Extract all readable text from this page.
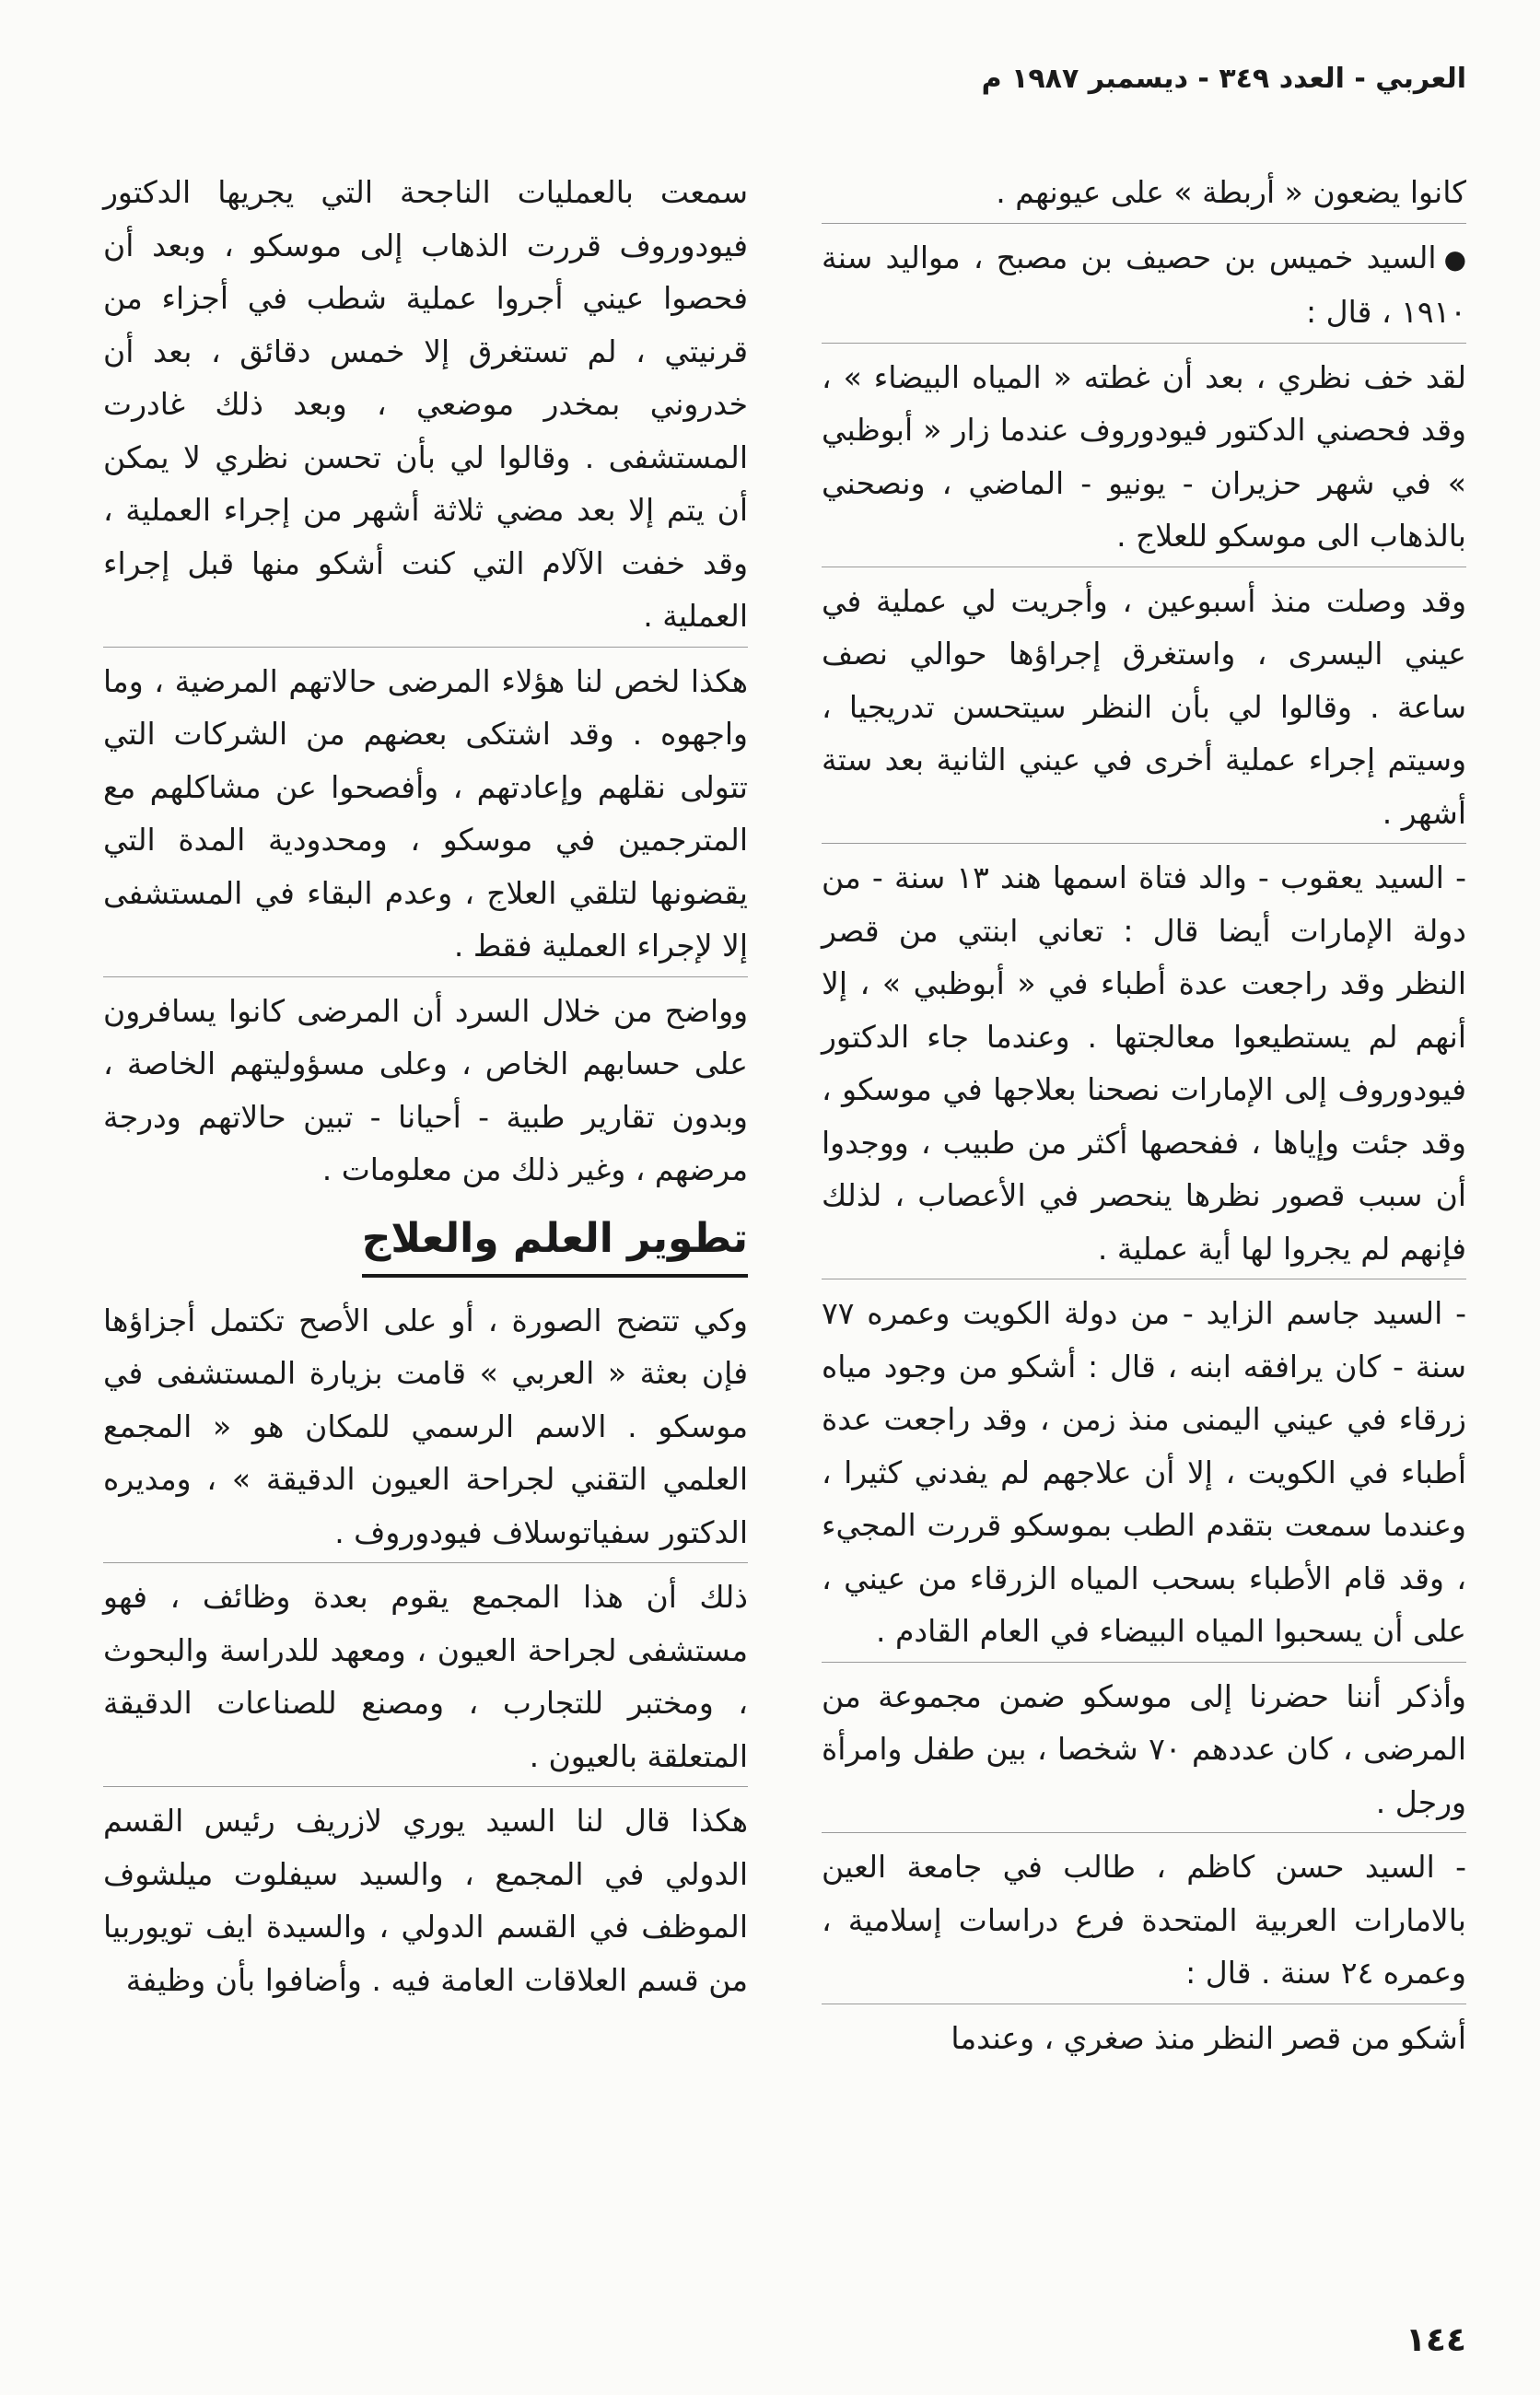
العربي - العدد ٣٤٩ - ديسمبر ١٩٨٧ م

كانوا يضعون « أربطة » على عيونهم .

●السيد خميس بن حصيف بن مصبح ، مواليد سنة ١٩١٠ ، قال :

لقد خف نظري ، بعد أن غطته « المياه البيضاء » ، وقد فحصني الدكتور فيودوروف عندما زار « أبوظبي » في شهر حزيران - يونيو - الماضي ، ونصحني بالذهاب الى موسكو للعلاج .

وقد وصلت منذ أسبوعين ، وأجريت لي عملية في عيني اليسرى ، واستغرق إجراؤها حوالي نصف ساعة . وقالوا لي بأن النظر سيتحسن تدريجيا ، وسيتم إجراء عملية أخرى في عيني الثانية بعد ستة أشهر .

- السيد يعقوب - والد فتاة اسمها هند ١٣ سنة - من دولة الإمارات أيضا قال : تعاني ابنتي من قصر النظر وقد راجعت عدة أطباء في « أبوظبي » ، إلا أنهم لم يستطيعوا معالجتها . وعندما جاء الدكتور فيودوروف إلى الإمارات نصحنا بعلاجها في موسكو ، وقد جئت وإياها ، ففحصها أكثر من طبيب ، ووجدوا أن سبب قصور نظرها ينحصر في الأعصاب ، لذلك فإنهم لم يجروا لها أية عملية .

- السيد جاسم الزايد - من دولة الكويت وعمره ٧٧ سنة - كان يرافقه ابنه ، قال : أشكو من وجود مياه زرقاء في عيني اليمنى منذ زمن ، وقد راجعت عدة أطباء في الكويت ، إلا أن علاجهم لم يفدني كثيرا ، وعندما سمعت بتقدم الطب بموسكو قررت المجيء ، وقد قام الأطباء بسحب المياه الزرقاء من عيني ، على أن يسحبوا المياه البيضاء في العام القادم .

وأذكر أننا حضرنا إلى موسكو ضمن مجموعة من المرضى ، كان عددهم ٧٠ شخصا ، بين طفل وامرأة ورجل .

- السيد حسن كاظم ، طالب في جامعة العين بالامارات العربية المتحدة فرع دراسات إسلامية ، وعمره ٢٤ سنة . قال :

أشكو من قصر النظر منذ صغري ، وعندما

سمعت بالعمليات الناجحة التي يجريها الدكتور فيودوروف قررت الذهاب إلى موسكو ، وبعد أن فحصوا عيني أجروا عملية شطب في أجزاء من قرنيتي ، لم تستغرق إلا خمس دقائق ، بعد أن خدروني بمخدر موضعي ، وبعد ذلك غادرت المستشفى . وقالوا لي بأن تحسن نظري لا يمكن أن يتم إلا بعد مضي ثلاثة أشهر من إجراء العملية ، وقد خفت الآلام التي كنت أشكو منها قبل إجراء العملية .

هكذا لخص لنا هؤلاء المرضى حالاتهم المرضية ، وما واجهوه . وقد اشتكى بعضهم من الشركات التي تتولى نقلهم وإعادتهم ، وأفصحوا عن مشاكلهم مع المترجمين في موسكو ، ومحدودية المدة التي يقضونها لتلقي العلاج ، وعدم البقاء في المستشفى إلا لإجراء العملية فقط .

وواضح من خلال السرد أن المرضى كانوا يسافرون على حسابهم الخاص ، وعلى مسؤوليتهم الخاصة ، وبدون تقارير طبية - أحيانا - تبين حالاتهم ودرجة مرضهم ، وغير ذلك من معلومات .

تطوير العلم والعلاج

وكي تتضح الصورة ، أو على الأصح تكتمل أجزاؤها فإن بعثة « العربي » قامت بزيارة المستشفى في موسكو . الاسم الرسمي للمكان هو « المجمع العلمي التقني لجراحة العيون الدقيقة » ، ومديره الدكتور سفياتوسلاف فيودوروف .

ذلك أن هذا المجمع يقوم بعدة وظائف ، فهو مستشفى لجراحة العيون ، ومعهد للدراسة والبحوث ، ومختبر للتجارب ، ومصنع للصناعات الدقيقة المتعلقة بالعيون .

هكذا قال لنا السيد يوري لازريف رئيس القسم الدولي في المجمع ، والسيد سيفلوت ميلشوف الموظف في القسم الدولي ، والسيدة ايف تويوربيا من قسم العلاقات العامة فيه . وأضافوا بأن وظيفة

١٤٤
